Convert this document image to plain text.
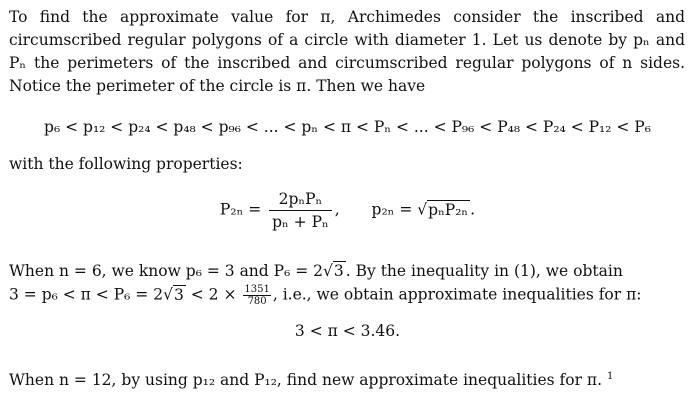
To find the approximate value for π, Archimedes consider the inscribed and circumscribed regular polygons of a circle with diameter 1. Let us denote by pₙ and Pₙ the perimeters of the inscribed and circumscribed regular polygons of n sides. Notice the perimeter of the circle is π. Then we have

p₆ < p₁₂ < p₂₄ < p₄₈ < p₉₆ < ... < pₙ < π < Pₙ < ... < P₉₆ < P₄₈ < P₂₄ < P₁₂ < P₆
with the following properties:
$P_{2n} = \frac{\text{2pₙPₙ}}{\text{pₙ + Pₙ}}$ , p₂ₙ = √pₙP₂ₙ .
When n = 6, we know p₆ = 3 and P₆ = 2√3 . By the inequality in (1), we obtain
$3 = p_6 < \pi < P_6 = 2√3 < 2 \times \frac{1351}{780}$ , i.e., we obtain approximate inequalities for π:
3 < π < 3.46.
When n = 12, by using p₁₂ and P₁₂, find new approximate inequalities for π. $^1$
